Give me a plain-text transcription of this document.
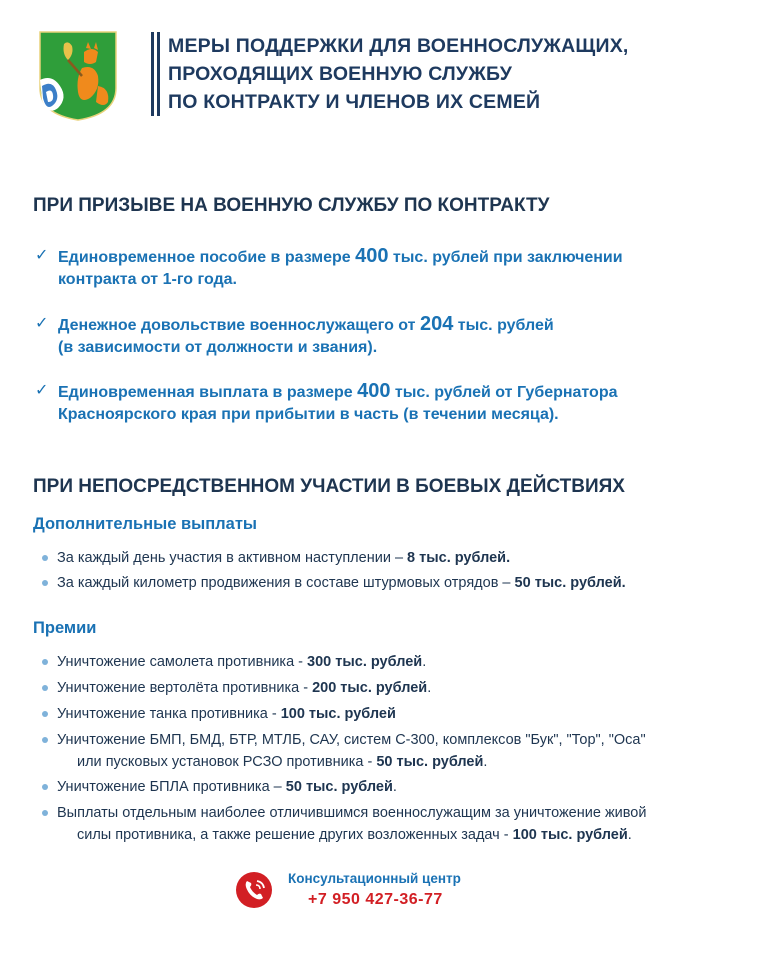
МЕРЫ ПОДДЕРЖКИ ДЛЯ ВОЕННОСЛУЖАЩИХ,
ПРОХОДЯЩИХ ВОЕННУЮ СЛУЖБУ
ПО КОНТРАКТУ И ЧЛЕНОВ ИХ СЕМЕЙ
ПРИ ПРИЗЫВЕ НА ВОЕННУЮ СЛУЖБУ ПО КОНТРАКТУ
✓ Единовременное пособие в размере 400 тыс. рублей при заключении
контракта от 1-го года.
✓ Денежное довольствие военнослужащего от 204 тыс. рублей
(в зависимости от должности и звания).
✓ Единовременная выплата в размере 400 тыс. рублей от Губернатора
Красноярского края при прибытии в часть (в течении месяца).
ПРИ НЕПОСРЕДСТВЕННОМ УЧАСТИИ В БОЕВЫХ ДЕЙСТВИЯХ
Дополнительные выплаты
За каждый день участия в активном наступлении – 8 тыс. рублей.
За каждый километр продвижения в составе штурмовых отрядов – 50 тыс. рублей.
Премии
Уничтожение самолета противника - 300 тыс. рублей.
Уничтожение вертолёта противника - 200 тыс. рублей.
Уничтожение танка противника - 100 тыс. рублей
Уничтожение БМП, БМД, БТР, МТЛБ, САУ, систем С-300, комплексов "Бук", "Тор", "Оса"
или пусковых установок РСЗО противника - 50 тыс. рублей.
Уничтожение БПЛА противника – 50 тыс. рублей.
Выплаты отдельным наиболее отличившимся военнослужащим за уничтожение живой
силы противника, а также решение других возложенных задач - 100 тыс. рублей.
Консультационный центр
+7 950 427-36-77
